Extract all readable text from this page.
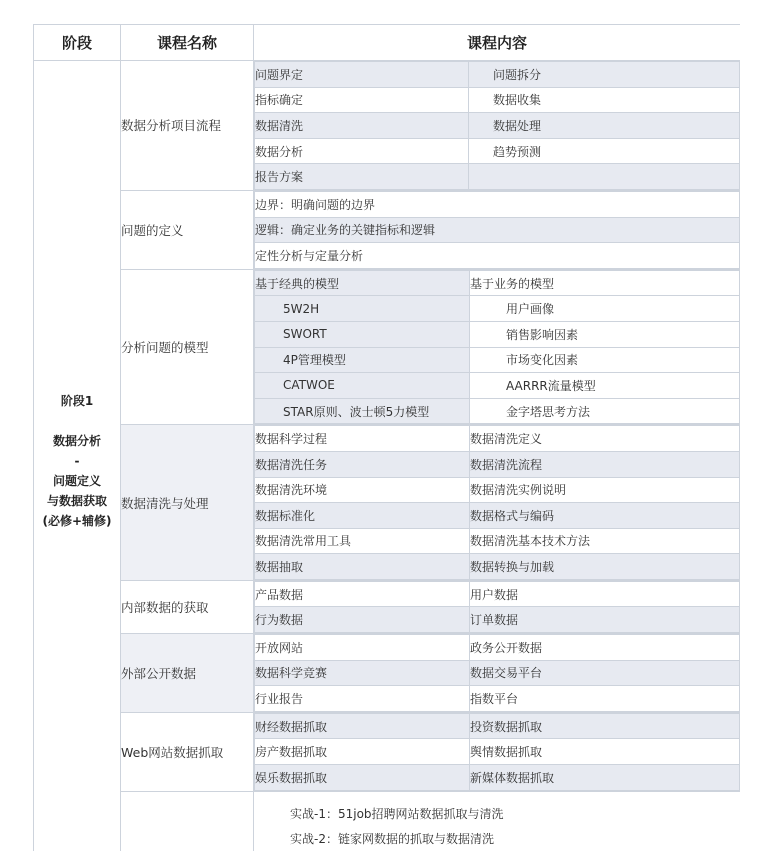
阶段	课程名称	课程内容

阶段1
数据分析
-
问题定义
与数据获取
(必修+辅修)
	数据分析项目流程	
问题界定	问题拆分
指标确定	数据收集
数据清洗	数据处理
数据分析	趋势预测
报告方案	

问题的定义	
边界：明确问题的边界
逻辑：确定业务的关键指标和逻辑
定性分析与定量分析

分析问题的模型	
基于经典的模型	基于业务的模型
5W2H	用户画像
SWORT	销售影响因素
4P管理模型	市场变化因素
CATWOE	AARRR流量模型
STAR原则、波士顿5力模型	金字塔思考方法

数据清洗与处理	
数据科学过程	数据清洗定义
数据清洗任务	数据清洗流程
数据清洗环境	数据清洗实例说明
数据标准化	数据格式与编码
数据清洗常用工具	数据清洗基本技术方法
数据抽取	数据转换与加载

内部数据的获取	
产品数据	用户数据
行为数据	订单数据

外部公开数据	
开放网站	政务公开数据
数据科学竞赛	数据交易平台
行业报告	指数平台

Web网站数据抓取	
财经数据抓取	投资数据抓取
房产数据抓取	舆情数据抓取
娱乐数据抓取	新媒体数据抓取

实战-1：51job招聘网站数据抓取与清洗
实战-2：链家网数据的抓取与数据清洗
